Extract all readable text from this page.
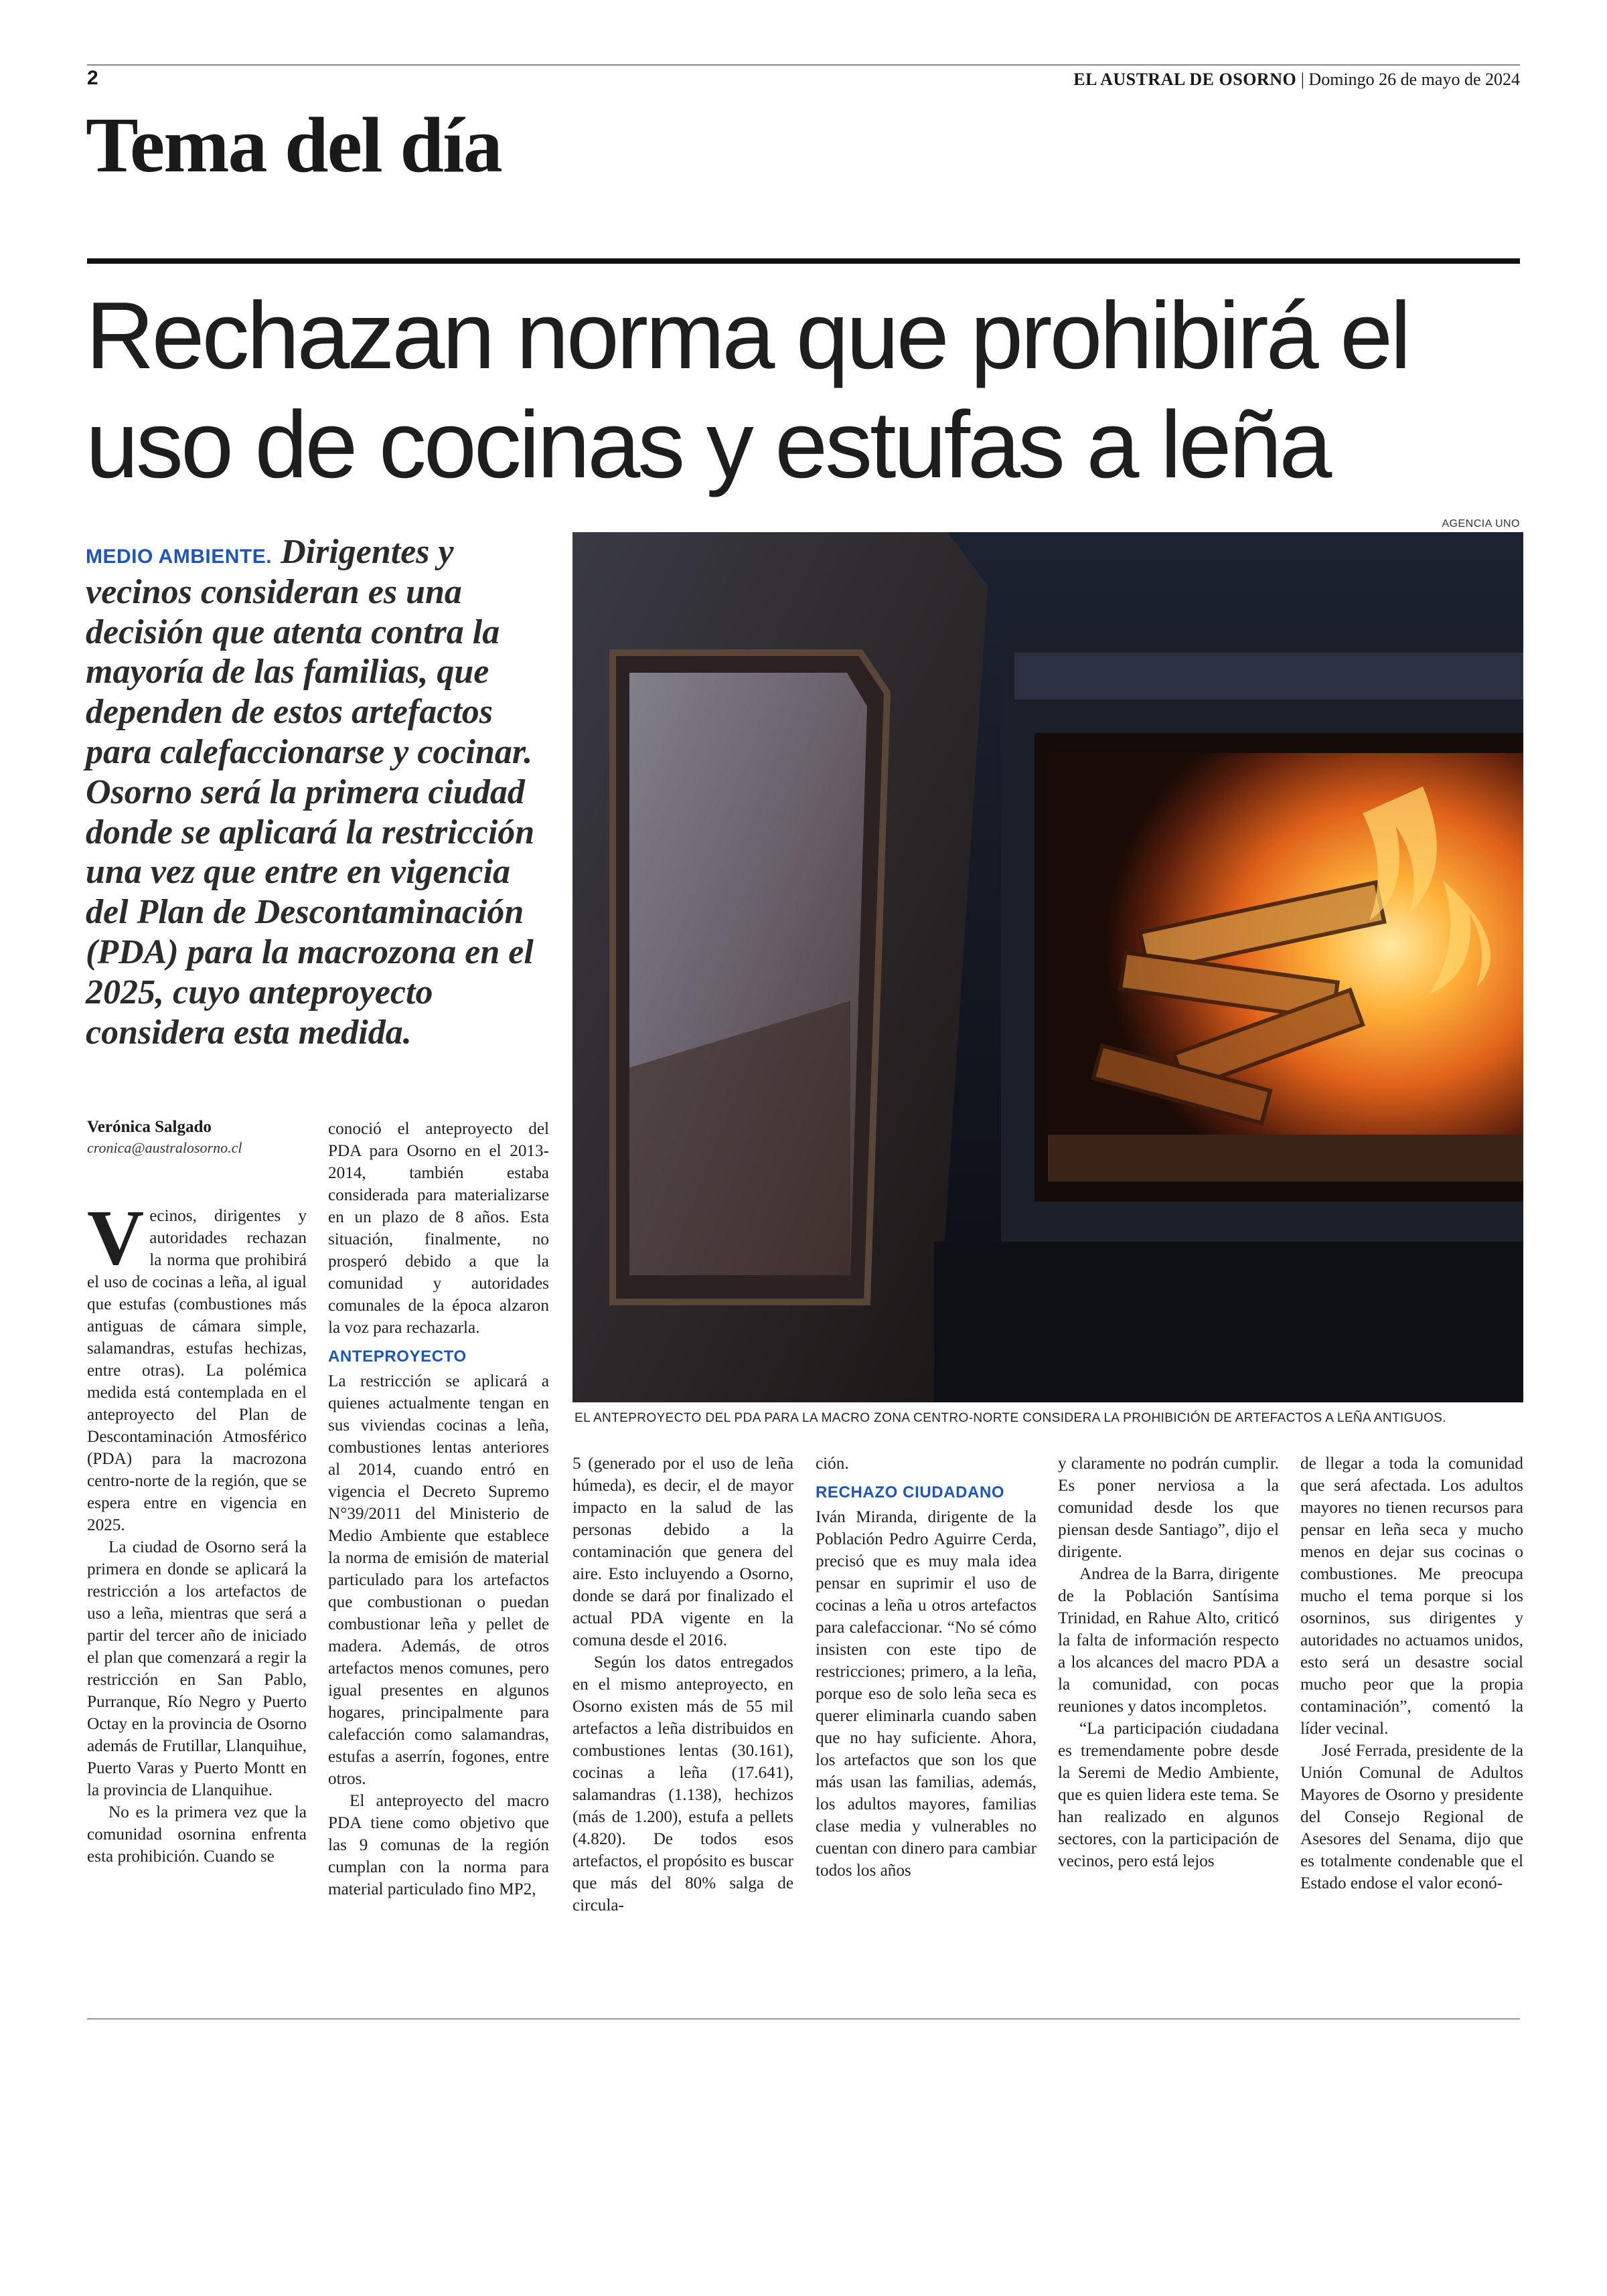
2	EL AUSTRAL DE OSORNO | Domingo 26 de mayo de 2024
Tema del día
Rechazan norma que prohibirá el
uso de cocinas y estufas a leña
MEDIO AMBIENTE. Dirigentes y vecinos consideran es una decisión que atenta contra la mayoría de las familias, que dependen de estos artefactos para calefaccionarse y cocinar. Osorno será la primera ciudad donde se aplicará la restricción una vez que entre en vigencia del Plan de Descontaminación (PDA) para la macrozona en el 2025, cuyo anteproyecto considera esta medida.
Verónica Salgado
cronica@australosorno.cl
AGENCIA UNO
EL ANTEPROYECTO DEL PDA PARA LA MACRO ZONA CENTRO-NORTE CONSIDERA LA PROHIBICIÓN DE ARTEFACTOS A LEÑA ANTIGUOS.

Vecinos, dirigentes y autoridades rechazan la norma que prohibirá el uso de cocinas a leña, al igual que estufas (combustiones más antiguas de cámara simple, salamandras, estufas hechizas, entre otras). La polémica medida está contemplada en el anteproyecto del Plan de Descontaminación Atmosférico (PDA) para la macrozona centro-norte de la región, que se espera entre en vigencia en 2025.

La ciudad de Osorno será la primera en donde se aplicará la restricción a los artefactos de uso a leña, mientras que será a partir del tercer año de iniciado el plan que comenzará a regir la restricción en San Pablo, Purranque, Río Negro y Puerto Octay en la provincia de Osorno además de Frutillar, Llanquihue, Puerto Varas y Puerto Montt en la provincia de Llanquihue.

No es la primera vez que la comunidad osornina enfrenta esta prohibición. Cuando se

conoció el anteproyecto del PDA para Osorno en el 2013-2014, también estaba considerada para materializarse en un plazo de 8 años. Esta situación, finalmente, no prosperó debido a que la comunidad y autoridades comunales de la época alzaron la voz para rechazarla.

ANTEPROYECTO

La restricción se aplicará a quienes actualmente tengan en sus viviendas cocinas a leña, combustiones lentas anteriores al 2014, cuando entró en vigencia el Decreto Supremo N°39/2011 del Ministerio de Medio Ambiente que establece la norma de emisión de material particulado para los artefactos que combustionan o puedan combustionar leña y pellet de madera. Además, de otros artefactos menos comunes, pero igual presentes en algunos hogares, principalmente para calefacción como salamandras, estufas a aserrín, fogones, entre otros.

El anteproyecto del macro PDA tiene como objetivo que las 9 comunas de la región cumplan con la norma para material particulado fino MP2,

5 (generado por el uso de leña húmeda), es decir, el de mayor impacto en la salud de las personas debido a la contaminación que genera del aire. Esto incluyendo a Osorno, donde se dará por finalizado el actual PDA vigente en la comuna desde el 2016.

Según los datos entregados en el mismo anteproyecto, en Osorno existen más de 55 mil artefactos a leña distribuidos en combustiones lentas (30.161), cocinas a leña (17.641), salamandras (1.138), hechizos (más de 1.200), estufa a pellets (4.820). De todos esos artefactos, el propósito es buscar que más del 80% salga de circula-

ción.

RECHAZO CIUDADANO

Iván Miranda, dirigente de la Población Pedro Aguirre Cerda, precisó que es muy mala idea pensar en suprimir el uso de cocinas a leña u otros artefactos para calefaccionar. “No sé cómo insisten con este tipo de restricciones; primero, a la leña, porque eso de solo leña seca es querer eliminarla cuando saben que no hay suficiente. Ahora, los artefactos que son los que más usan las familias, además, los adultos mayores, familias clase media y vulnerables no cuentan con dinero para cambiar todos los años

y claramente no podrán cumplir. Es poner nerviosa a la comunidad desde los que piensan desde Santiago”, dijo el dirigente.

Andrea de la Barra, dirigente de la Población Santísima Trinidad, en Rahue Alto, criticó la falta de información respecto a los alcances del macro PDA a la comunidad, con pocas reuniones y datos incompletos.

“La participación ciudadana es tremendamente pobre desde la Seremi de Medio Ambiente, que es quien lidera este tema. Se han realizado en algunos sectores, con la participación de vecinos, pero está lejos

de llegar a toda la comunidad que será afectada. Los adultos mayores no tienen recursos para pensar en leña seca y mucho menos en dejar sus cocinas o combustiones. Me preocupa mucho el tema porque si los osorninos, sus dirigentes y autoridades no actuamos unidos, esto será un desastre social mucho peor que la propia contaminación”, comentó la líder vecinal.

José Ferrada, presidente de la Unión Comunal de Adultos Mayores de Osorno y presidente del Consejo Regional de Asesores del Senama, dijo que es totalmente condenable que el Estado endose el valor econó-
